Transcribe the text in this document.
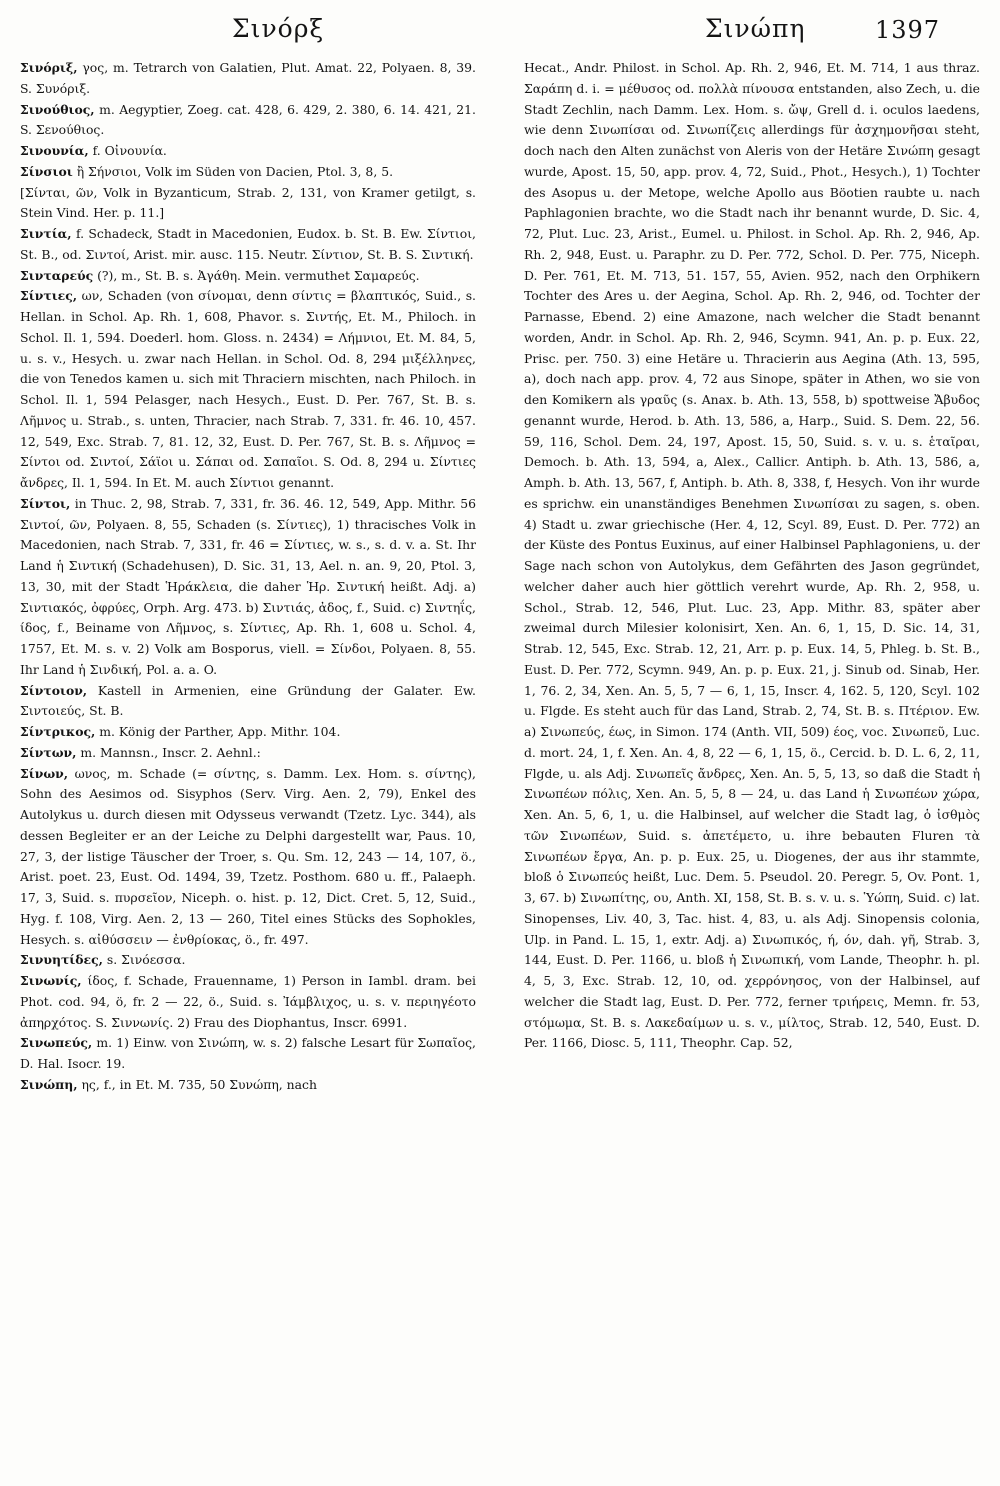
Σινόρξ	Σινώπη	1397

Σινόριξ, γος, m. Tetrarch von Galatien, Plut. Amat. 22, Polyaen. 8, 39. S. Συνόριξ.

Σινούθιος, m. Aegyptier, Zoeg. cat. 428, 6. 429, 2. 380, 6. 14. 421, 21. S. Σενούθιος.

Σινουνία, f. Οἰνουνία.

Σίνσιοι ἢ Σήνσιοι, Volk im Süden von Dacien, Ptol. 3, 8, 5.

[Σίνται, ῶν, Volk in Byzanticum, Strab. 2, 131, von Kramer getilgt, s. Stein Vind. Her. p. 11.]

Σιντία, f. Schadeck, Stadt in Macedonien, Eudox. b. St. B. Ew. Σίντιοι, St. B., od. Σιντοί, Arist. mir. ausc. 115. Neutr. Σίντιον, St. B. S. Σιντική.

Σινταρεύς (?), m., St. B. s. Ἀγάθη. Mein. vermuthet Σαμαρεύς.

Σίντιες, ων, Schaden (von σίνομαι, denn σίντις = βλαπτικός, Suid., s. Hellan. in Schol. Ap. Rh. 1, 608, Phavor. s. Σιντής, Et. M., Philoch. in Schol. Il. 1, 594. Doederl. hom. Gloss. n. 2434) = Λήμνιοι, Et. M. 84, 5, u. s. v., Hesych. u. zwar nach Hellan. in Schol. Od. 8, 294 μιξέλληνες, die von Tenedos kamen u. sich mit Thraciern mischten, nach Philoch. in Schol. Il. 1, 594 Pelasger, nach Hesych., Eust. D. Per. 767, St. B. s. Λῆμνος u. Strab., s. unten, Thracier, nach Strab. 7, 331. fr. 46. 10, 457. 12, 549, Exc. Strab. 7, 81. 12, 32, Eust. D. Per. 767, St. B. s. Λῆμνος = Σίντοι od. Σιντοί, Σάϊοι u. Σάπαι od. Σαπαῖοι. S. Od. 8, 294 u. Σίντιες ἄνδρες, Il. 1, 594. In Et. M. auch Σίντιοι genannt.

Σίντοι, in Thuc. 2, 98, Strab. 7, 331, fr. 36. 46. 12, 549, App. Mithr. 56 Σιντοί, ῶν, Polyaen. 8, 55, Schaden (s. Σίντιες), 1) thracisches Volk in Macedonien, nach Strab. 7, 331, fr. 46 = Σίντιες, w. s., s. d. v. a. St. Ihr Land ἡ Σιντική (Schadehusen), D. Sic. 31, 13, Ael. n. an. 9, 20, Ptol. 3, 13, 30, mit der Stadt Ἡράκλεια, die daher Ἡρ. Σιντική heißt. Adj. a) Σιντιακός, ὀφρύες, Orph. Arg. 473. b) Σιντιάς, ἀδος, f., Suid. c) Σιντηΐς, ίδος, f., Beiname von Λῆμνος, s. Σίντιες, Ap. Rh. 1, 608 u. Schol. 4, 1757, Et. M. s. v. 2) Volk am Bosporus, viell. = Σίνδοι, Polyaen. 8, 55. Ihr Land ἡ Σινδική, Pol. a. a. O.

Σίντοιον, Kastell in Armenien, eine Gründung der Galater. Ew. Σιντοιεύς, St. B.

Σίντρικος, m. König der Parther, App. Mithr. 104.

Σίντων, m. Mannsn., Inscr. 2. Aehnl.:

Σίνων, ωνος, m. Schade (= σίντης, s. Damm. Lex. Hom. s. σίντης), Sohn des Aesimos od. Sisyphos (Serv. Virg. Aen. 2, 79), Enkel des Autolykus u. durch diesen mit Odysseus verwandt (Tzetz. Lyc. 344), als dessen Begleiter er an der Leiche zu Delphi dargestellt war, Paus. 10, 27, 3, der listige Täuscher der Troer, s. Qu. Sm. 12, 243 — 14, 107, ö., Arist. poet. 23, Eust. Od. 1494, 39, Tzetz. Posthom. 680 u. ff., Palaeph. 17, 3, Suid. s. πυρσεῖον, Niceph. o. hist. p. 12, Dict. Cret. 5, 12, Suid., Hyg. f. 108, Virg. Aen. 2, 13 — 260, Titel eines Stücks des Sophokles, Hesych. s. αἰθύσσειν — ἐνθρίοκας, ö., fr. 497.

Σινυητίδες, s. Σινόεσσα.

Σινωνίς, ίδος, f. Schade, Frauenname, 1) Person in Iambl. dram. bei Phot. cod. 94, ö, fr. 2 — 22, ö., Suid. s. Ἰάμβλιχος, u. s. v. περιηγέοτο ἀπηρχότος. S. Σιννωνίς. 2) Frau des Diophantus, Inscr. 6991.

Σινωπεύς, m. 1) Einw. von Σινώπη, w. s. 2) falsche Lesart für Σωπαῖος, D. Hal. Isocr. 19.

Σινώπη, ης, f., in Et. M. 735, 50 Συνώπη, nach

Hecat., Andr. Philost. in Schol. Ap. Rh. 2, 946, Et. M. 714, 1 aus thraz. Σαράπη d. i. = μέθυσος od. πολλὰ πίνουσα entstanden, also Zech, u. die Stadt Zechlin, nach Damm. Lex. Hom. s. ὤψ, Grell d. i. oculos laedens, wie denn Σινωπίσαι od. Σινωπίζεις allerdings für ἀσχημονῆσαι steht, doch nach den Alten zunächst von Aleris von der Hetäre Σινώπη gesagt wurde, Apost. 15, 50, app. prov. 4, 72, Suid., Phot., Hesych.), 1) Tochter des Asopus u. der Metope, welche Apollo aus Böotien raubte u. nach Paphlagonien brachte, wo die Stadt nach ihr benannt wurde, D. Sic. 4, 72, Plut. Luc. 23, Arist., Eumel. u. Philost. in Schol. Ap. Rh. 2, 946, Ap. Rh. 2, 948, Eust. u. Paraphr. zu D. Per. 772, Schol. D. Per. 775, Niceph. D. Per. 761, Et. M. 713, 51. 157, 55, Avien. 952, nach den Orphikern Tochter des Ares u. der Aegina, Schol. Ap. Rh. 2, 946, od. Tochter der Parnasse, Ebend. 2) eine Amazone, nach welcher die Stadt benannt worden, Andr. in Schol. Ap. Rh. 2, 946, Scymn. 941, An. p. p. Eux. 22, Prisc. per. 750. 3) eine Hetäre u. Thracierin aus Aegina (Ath. 13, 595, a), doch nach app. prov. 4, 72 aus Sinope, später in Athen, wo sie von den Komikern als γραῦς (s. Anax. b. Ath. 13, 558, b) spottweise Ἄβυδος genannt wurde, Herod. b. Ath. 13, 586, a, Harp., Suid. S. Dem. 22, 56. 59, 116, Schol. Dem. 24, 197, Apost. 15, 50, Suid. s. v. u. s. ἑταῖραι, Democh. b. Ath. 13, 594, a, Alex., Callicr. Antiph. b. Ath. 13, 586, a, Amph. b. Ath. 13, 567, f, Antiph. b. Ath. 8, 338, f, Hesych. Von ihr wurde es sprichw. ein unanständiges Benehmen Σινωπίσαι zu sagen, s. oben. 4) Stadt u. zwar griechische (Her. 4, 12, Scyl. 89, Eust. D. Per. 772) an der Küste des Pontus Euxinus, auf einer Halbinsel Paphlagoniens, u. der Sage nach schon von Autolykus, dem Gefährten des Jason gegründet, welcher daher auch hier göttlich verehrt wurde, Ap. Rh. 2, 958, u. Schol., Strab. 12, 546, Plut. Luc. 23, App. Mithr. 83, später aber zweimal durch Milesier kolonisirt, Xen. An. 6, 1, 15, D. Sic. 14, 31, Strab. 12, 545, Exc. Strab. 12, 21, Arr. p. p. Eux. 14, 5, Phleg. b. St. B., Eust. D. Per. 772, Scymn. 949, An. p. p. Eux. 21, j. Sinub od. Sinab, Her. 1, 76. 2, 34, Xen. An. 5, 5, 7 — 6, 1, 15, Inscr. 4, 162. 5, 120, Scyl. 102 u. Flgde. Es steht auch für das Land, Strab. 2, 74, St. B. s. Πτέριον. Ew. a) Σινωπεύς, έως, in Simon. 174 (Anth. VII, 509) έος, voc. Σινωπεῦ, Luc. d. mort. 24, 1, f. Xen. An. 4, 8, 22 — 6, 1, 15, ö., Cercid. b. D. L. 6, 2, 11, Flgde, u. als Adj. Σινωπεῖς ἄνδρες, Xen. An. 5, 5, 13, so daß die Stadt ἡ Σινωπέων πόλις, Xen. An. 5, 5, 8 — 24, u. das Land ἡ Σινωπέων χώρα, Xen. An. 5, 6, 1, u. die Halbinsel, auf welcher die Stadt lag, ὁ ἰσθμὸς τῶν Σινωπέων, Suid. s. ἀπετέμετο, u. ihre bebauten Fluren τὰ Σινωπέων ἔργα, An. p. p. Eux. 25, u. Diogenes, der aus ihr stammte, bloß ὁ Σινωπεύς heißt, Luc. Dem. 5. Pseudol. 20. Peregr. 5, Ov. Pont. 1, 3, 67. b) Σινωπίτης, ου, Anth. XI, 158, St. B. s. v. u. s. Ὑώπη, Suid. c) lat. Sinopenses, Liv. 40, 3, Tac. hist. 4, 83, u. als Adj. Sinopensis colonia, Ulp. in Pand. L. 15, 1, extr. Adj. a) Σινωπικός, ή, όν, dah. γῆ, Strab. 3, 144, Eust. D. Per. 1166, u. bloß ἡ Σινωπική, vom Lande, Theophr. h. pl. 4, 5, 3, Exc. Strab. 12, 10, od. χερρόνησος, von der Halbinsel, auf welcher die Stadt lag, Eust. D. Per. 772, ferner τριήρεις, Memn. fr. 53, στόμωμα, St. B. s. Λακεδαίμων u. s. v., μίλτος, Strab. 12, 540, Eust. D. Per. 1166, Diosc. 5, 111, Theophr. Cap. 52,
